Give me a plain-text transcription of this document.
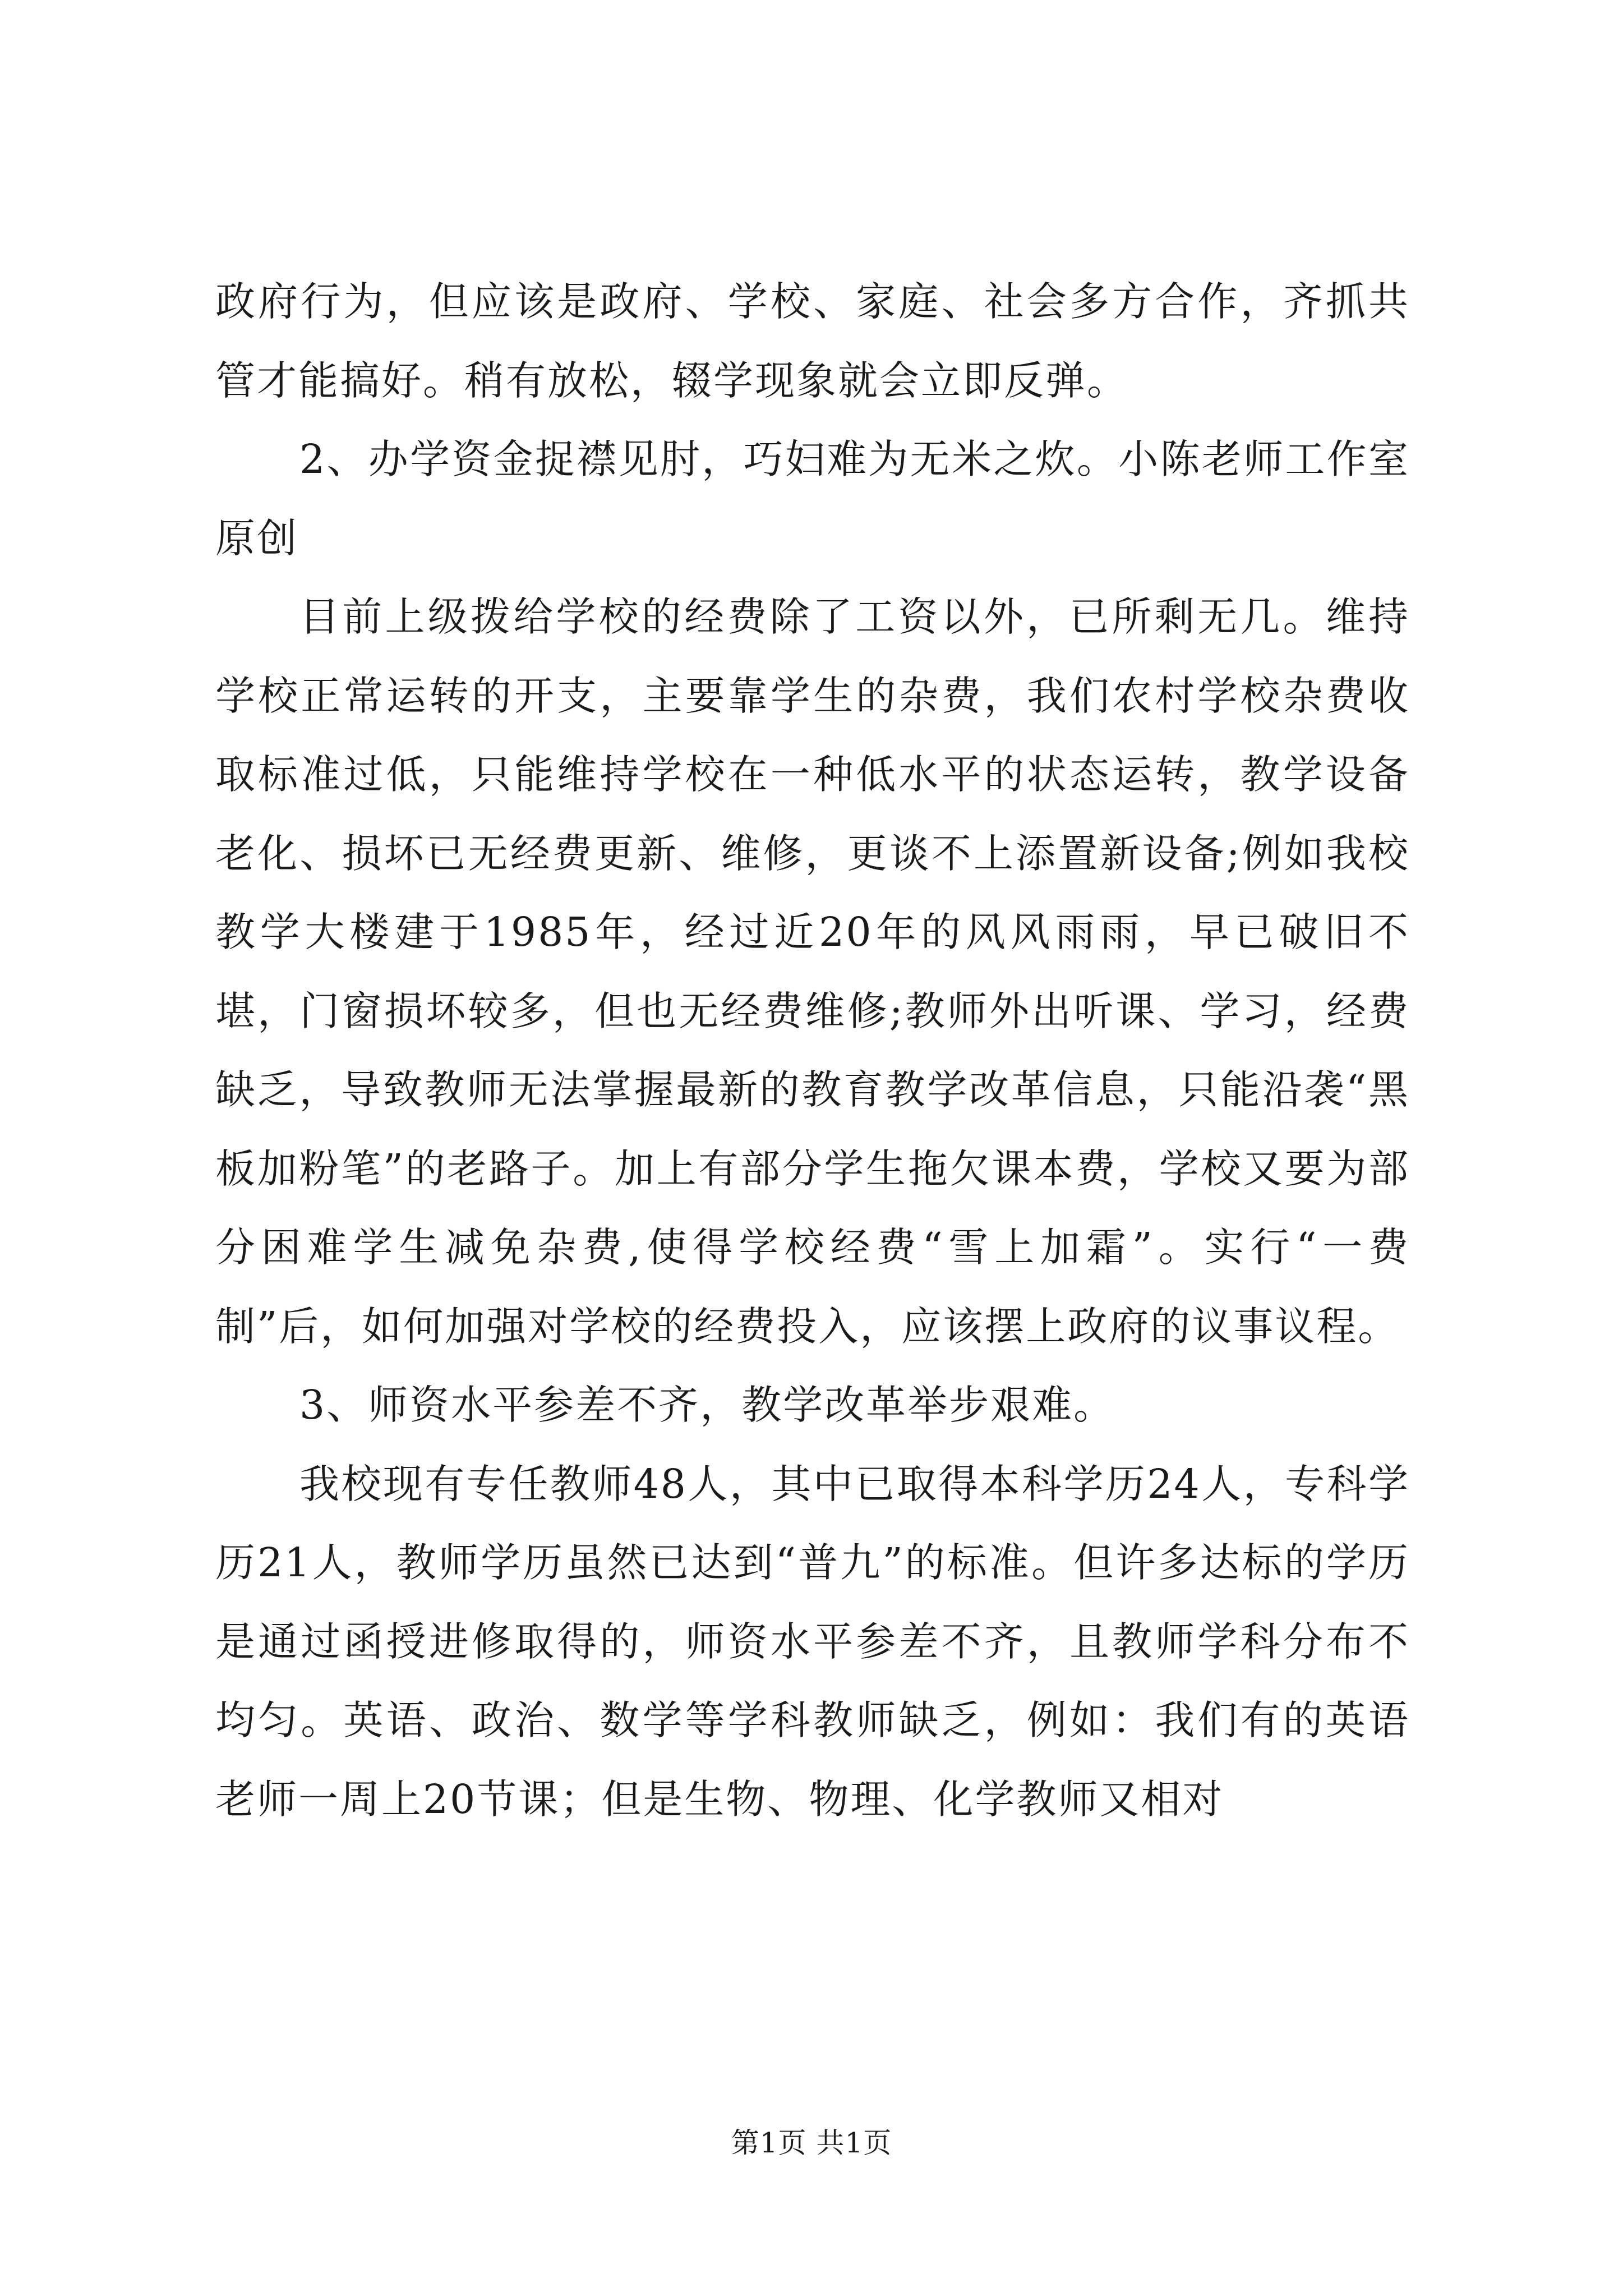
政府行为，但应该是政府、学校、家庭、社会多方合作，齐抓共管才能搞好。稍有放松，辍学现象就会立即反弹。

2、办学资金捉襟见肘，巧妇难为无米之炊。小陈老师工作室原创

目前上级拨给学校的经费除了工资以外，已所剩无几。维持学校正常运转的开支，主要靠学生的杂费，我们农村学校杂费收取标准过低，只能维持学校在一种低水平的状态运转，教学设备老化、损坏已无经费更新、维修，更谈不上添置新设备;例如我校教学大楼建于1985年，经过近20年的风风雨雨，早已破旧不堪，门窗损坏较多，但也无经费维修;教师外出听课、学习，经费缺乏，导致教师无法掌握最新的教育教学改革信息，只能沿袭“黑板加粉笔”的老路子。加上有部分学生拖欠课本费，学校又要为部分困难学生减免杂费,使得学校经费“雪上加霜”。实行“一费制”后，如何加强对学校的经费投入，应该摆上政府的议事议程。

3、师资水平参差不齐，教学改革举步艰难。

我校现有专任教师48人，其中已取得本科学历24人，专科学历21人，教师学历虽然已达到“普九”的标准。但许多达标的学历是通过函授进修取得的，师资水平参差不齐，且教师学科分布不均匀。英语、政治、数学等学科教师缺乏，例如：我们有的英语老师一周上20节课；但是生物、物理、化学教师又相对

第1页 共1页
